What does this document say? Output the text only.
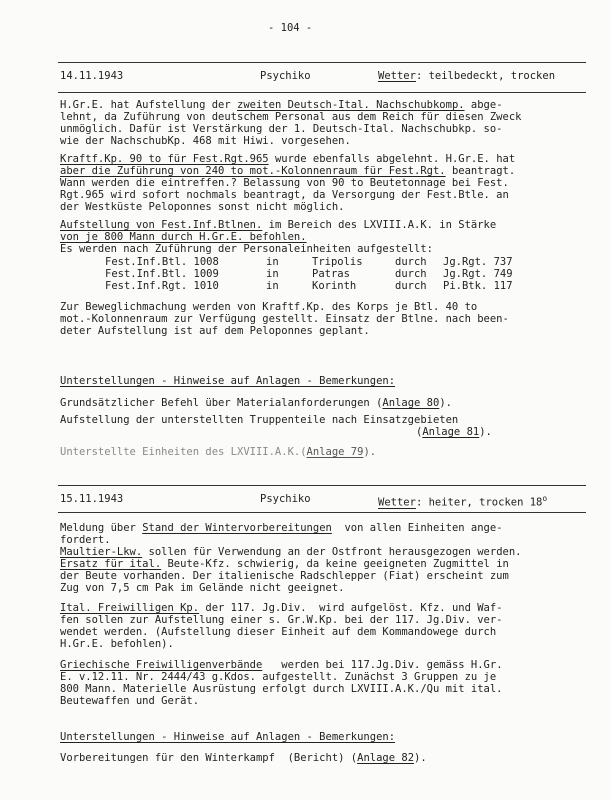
- 104 -
14.11.1943	Psychiko	Wetter: teilbedeckt, trocken
H.Gr.E. hat Aufstellung der zweiten Deutsch-Ital. Nachschubkomp. abge-
lehnt, da Zuführung von deutschem Personal aus dem Reich für diesen Zweck
unmöglich. Dafür ist Verstärkung der 1. Deutsch-Ital. Nachschubkp. so-
wie der NachschubKp. 468 mit Hiwi. vorgesehen.
Kraftf.Kp. 90 to für Fest.Rgt.965 wurde ebenfalls abgelehnt. H.Gr.E. hat
aber die Zuführung von 240 to mot.-Kolonnenraum für Fest.Rgt. beantragt.
Wann werden die eintreffen.? Belassung von 90 to Beutetonnage bei Fest.
Rgt.965 wird sofort nochmals beantragt, da Versorgung der Fest.Btle. an
der Westküste Peloponnes sonst nicht möglich.
Aufstellung von Fest.Inf.Btlnen. im Bereich des LXVIII.A.K. in Stärke
von je 800 Mann durch H.Gr.E. befohlen.
Es werden nach Zuführung der Personaleinheiten aufgestellt:
Fest.Inf.Btl. 1008	in	Tripolis	durch Jg.Rgt. 737
Fest.Inf.Btl. 1009	in	Patras	durch Jg.Rgt. 749
Fest.Inf.Rgt. 1010	in	Korinth	durch Pi.Btk. 117
Zur Beweglichmachung werden von Kraftf.Kp. des Korps je Btl. 40 to
mot.-Kolonnenraum zur Verfügung gestellt. Einsatz der Btlne. nach been-
deter Aufstellung ist auf dem Peloponnes geplant.
Unterstellungen - Hinweise auf Anlagen - Bemerkungen:
Grundsätzlicher Befehl über Materialanforderungen (Anlage 80).
Aufstellung der unterstellten Truppenteile nach Einsatzgebieten
(Anlage 81).
Unterstellte Einheiten des LXVIII.A.K.(Anlage 79).
15.11.1943	Psychiko	Wetter: heiter, trocken 18$^o$
Meldung über Stand der Wintervorbereitungen  von allen Einheiten ange-
fordert.
Maultier-Lkw. sollen für Verwendung an der Ostfront herausgezogen werden.
Ersatz für ital. Beute-Kfz. schwierig, da keine geeigneten Zugmittel in
der Beute vorhanden. Der italienische Radschlepper (Fiat) erscheint zum
Zug von 7,5 cm Pak im Gelände nicht geeignet.
Ital. Freiwilligen Kp. der 117. Jg.Div.  wird aufgelöst. Kfz. und Waf-
fen sollen zur Aufstellung einer s. Gr.W.Kp. bei der 117. Jg.Div. ver-
wendet werden. (Aufstellung dieser Einheit auf dem Kommandowege durch
H.Gr.E. befohlen).
Griechische Freiwilligenverbände   werden bei 117.Jg.Div. gemäss H.Gr.
E. v.12.11. Nr. 2444/43 g.Kdos. aufgestellt. Zunächst 3 Gruppen zu je
800 Mann. Materielle Ausrüstung erfolgt durch LXVIII.A.K./Qu mit ital.
Beutewaffen und Gerät.
Unterstellungen - Hinweise auf Anlagen - Bemerkungen:
Vorbereitungen für den Winterkampf  (Bericht) (Anlage 82).
